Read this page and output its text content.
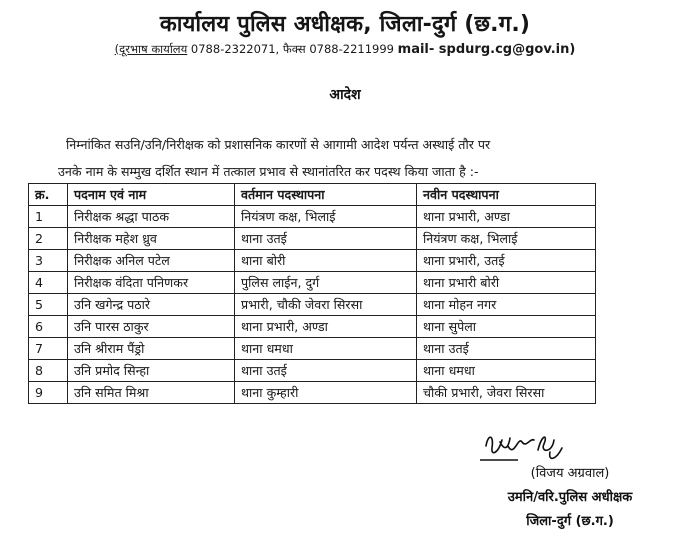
कार्यालय पुलिस अधीक्षक, जिला-दुर्ग (छ.ग.)
(दूरभाष कार्यालय 0788-2322071, फैक्स 0788-2211999 mail- spdurg.cg@gov.in)
आदेश
निम्नांकित सउनि/उनि/निरीक्षक को प्रशासनिक कारणों से आगामी आदेश पर्यन्त अस्थाई तौर पर
उनके नाम के सम्मुख दर्शित स्थान में तत्काल प्रभाव से स्थानांतरित कर पदस्थ किया जाता है :-
क्र.	पदनाम एवं नाम	वर्तमान पदस्थापना	नवीन पदस्थापना
1	निरीक्षक श्रद्धा पाठक	नियंत्रण कक्ष, भिलाई	थाना प्रभारी, अण्डा
2	निरीक्षक महेश ध्रुव	थाना उतई	नियंत्रण कक्ष, भिलाई
3	निरीक्षक अनिल पटेल	थाना बोरी	थाना प्रभारी, उतई
4	निरीक्षक वंदिता पनिणकर	पुलिस लाईन, दुर्ग	थाना प्रभारी बोरी
5	उनि खगेन्द्र पठारे	प्रभारी, चौकी जेवरा सिरसा	थाना मोहन नगर
6	उनि पारस ठाकुर	थाना प्रभारी, अण्डा	थाना सुपेला
7	उनि श्रीराम पैंड्रो	थाना धमधा	थाना उतई
8	उनि प्रमोद सिन्हा	थाना उतई	थाना धमधा
9	उनि समित मिश्रा	थाना कुम्हारी	चौकी प्रभारी, जेवरा सिरसा
(विजय अग्रवाल)
उमनि/वरि.पुलिस अधीक्षक
जिला-दुर्ग (छ.ग.)
